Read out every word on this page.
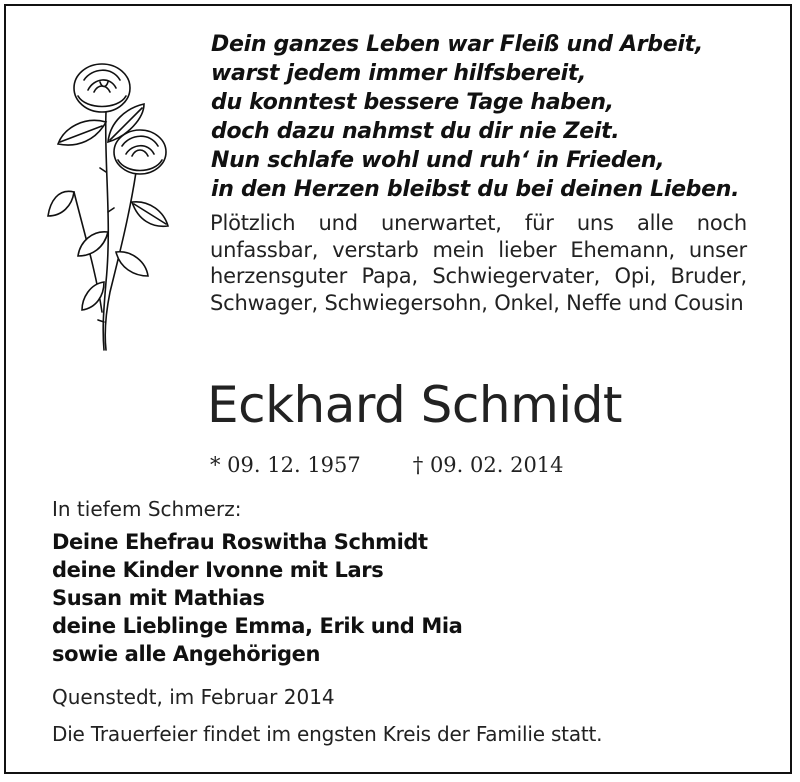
Dein ganzes Leben war Fleiß und Arbeit,
warst jedem immer hilfsbereit,
du konntest bessere Tage haben,
doch dazu nahmst du dir nie Zeit.
Nun schlafe wohl und ruh‘ in Frieden,
in den Herzen bleibst du bei deinen Lieben.

Plötzlich und unerwartet, für uns alle noch unfassbar, verstarb mein lieber Ehemann, unser herzensguter Papa, Schwiegervater, Opi, Bruder, Schwager, Schwiegersohn, Onkel, Neffe und Cousin

Eckhard Schmidt
* 09. 12. 1957 † 09. 02. 2014
In tiefem Schmerz:
Deine Ehefrau Roswitha Schmidt
deine Kinder Ivonne mit Lars
Susan mit Mathias
deine Lieblinge Emma, Erik und Mia
sowie alle Angehörigen
Quenstedt, im Februar 2014
Die Trauerfeier findet im engsten Kreis der Familie statt.
